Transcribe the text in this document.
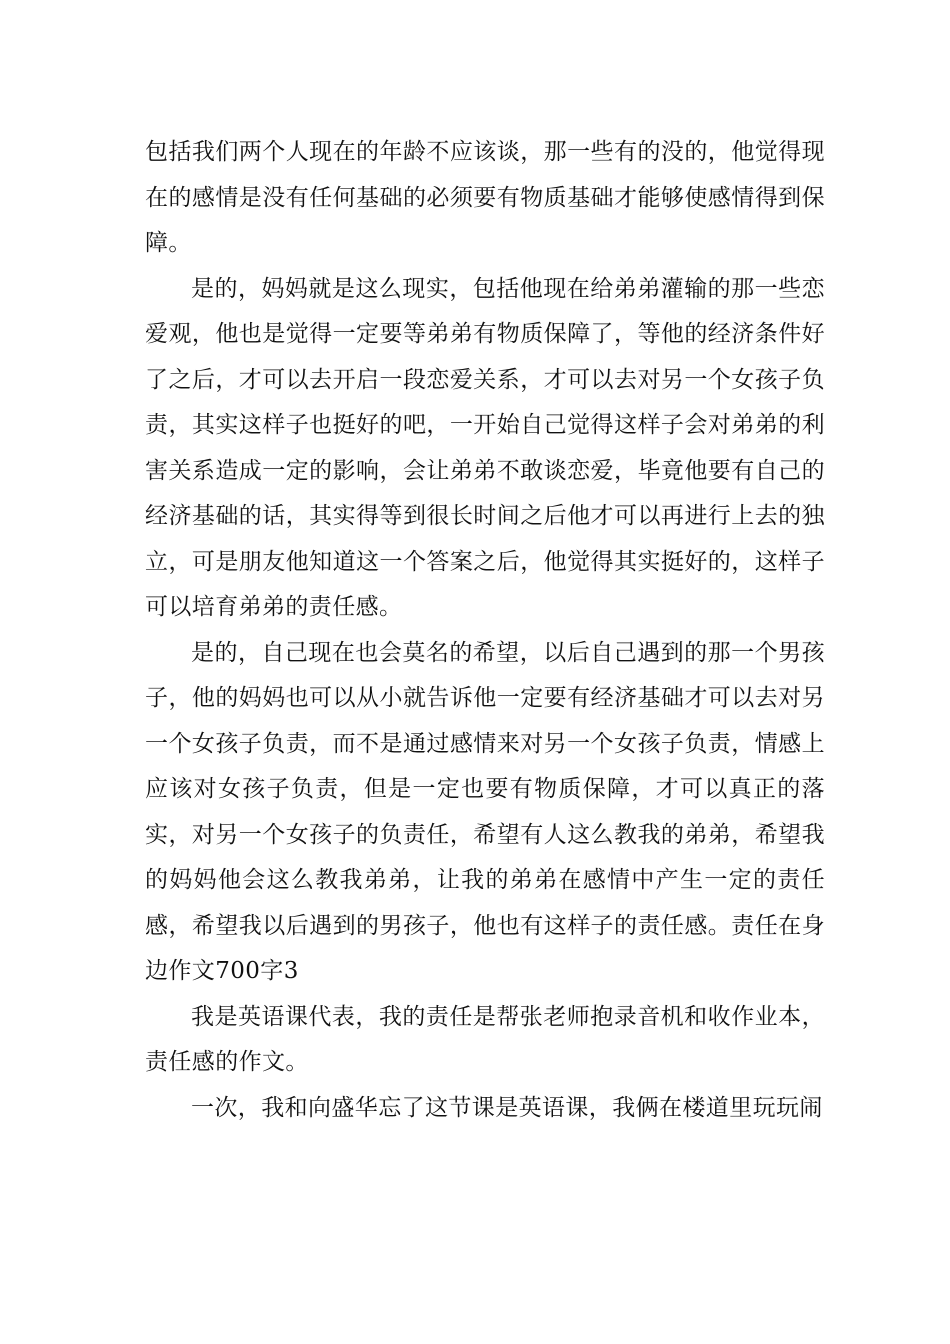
包括我们两个人现在的年龄不应该谈，那一些有的没的，他觉得现在的感情是没有任何基础的必须要有物质基础才能够使感情得到保障。

是的，妈妈就是这么现实，包括他现在给弟弟灌输的那一些恋爱观，他也是觉得一定要等弟弟有物质保障了，等他的经济条件好了之后，才可以去开启一段恋爱关系，才可以去对另一个女孩子负责，其实这样子也挺好的吧，一开始自己觉得这样子会对弟弟的利害关系造成一定的影响，会让弟弟不敢谈恋爱，毕竟他要有自己的经济基础的话，其实得等到很长时间之后他才可以再进行上去的独立，可是朋友他知道这一个答案之后，他觉得其实挺好的，这样子可以培育弟弟的责任感。

是的，自己现在也会莫名的希望，以后自己遇到的那一个男孩子，他的妈妈也可以从小就告诉他一定要有经济基础才可以去对另一个女孩子负责，而不是通过感情来对另一个女孩子负责，情感上应该对女孩子负责，但是一定也要有物质保障，才可以真正的落实，对另一个女孩子的负责任，希望有人这么教我的弟弟，希望我的妈妈他会这么教我弟弟，让我的弟弟在感情中产生一定的责任感，希望我以后遇到的男孩子，他也有这样子的责任感。责任在身边作文700字3

我是英语课代表，我的责任是帮张老师抱录音机和收作业本，责任感的作文。

一次，我和向盛华忘了这节课是英语课，我俩在楼道里玩玩闹
